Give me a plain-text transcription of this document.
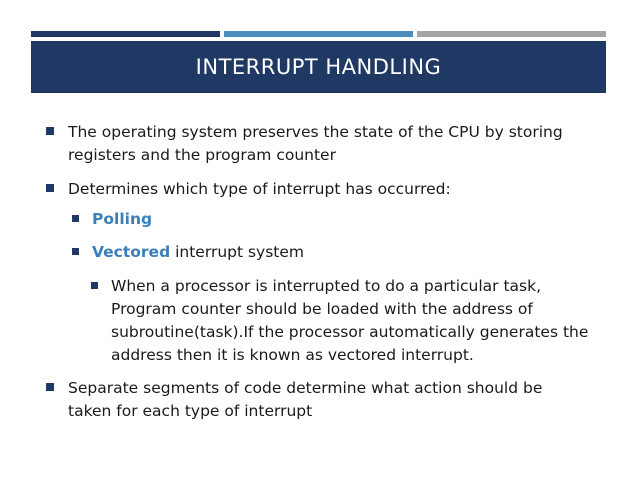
INTERRUPT HANDLING
The operating system preserves the state of the CPU by storing
registers and the program counter
Determines which type of interrupt has occurred:
Polling
Vectored interrupt system
When a processor is interrupted to do a particular task,
Program counter should be loaded with the address of
subroutine(task).If the processor automatically generates the
address then it is known as vectored interrupt.
Separate segments of code determine what action should be
taken for each type of interrupt
